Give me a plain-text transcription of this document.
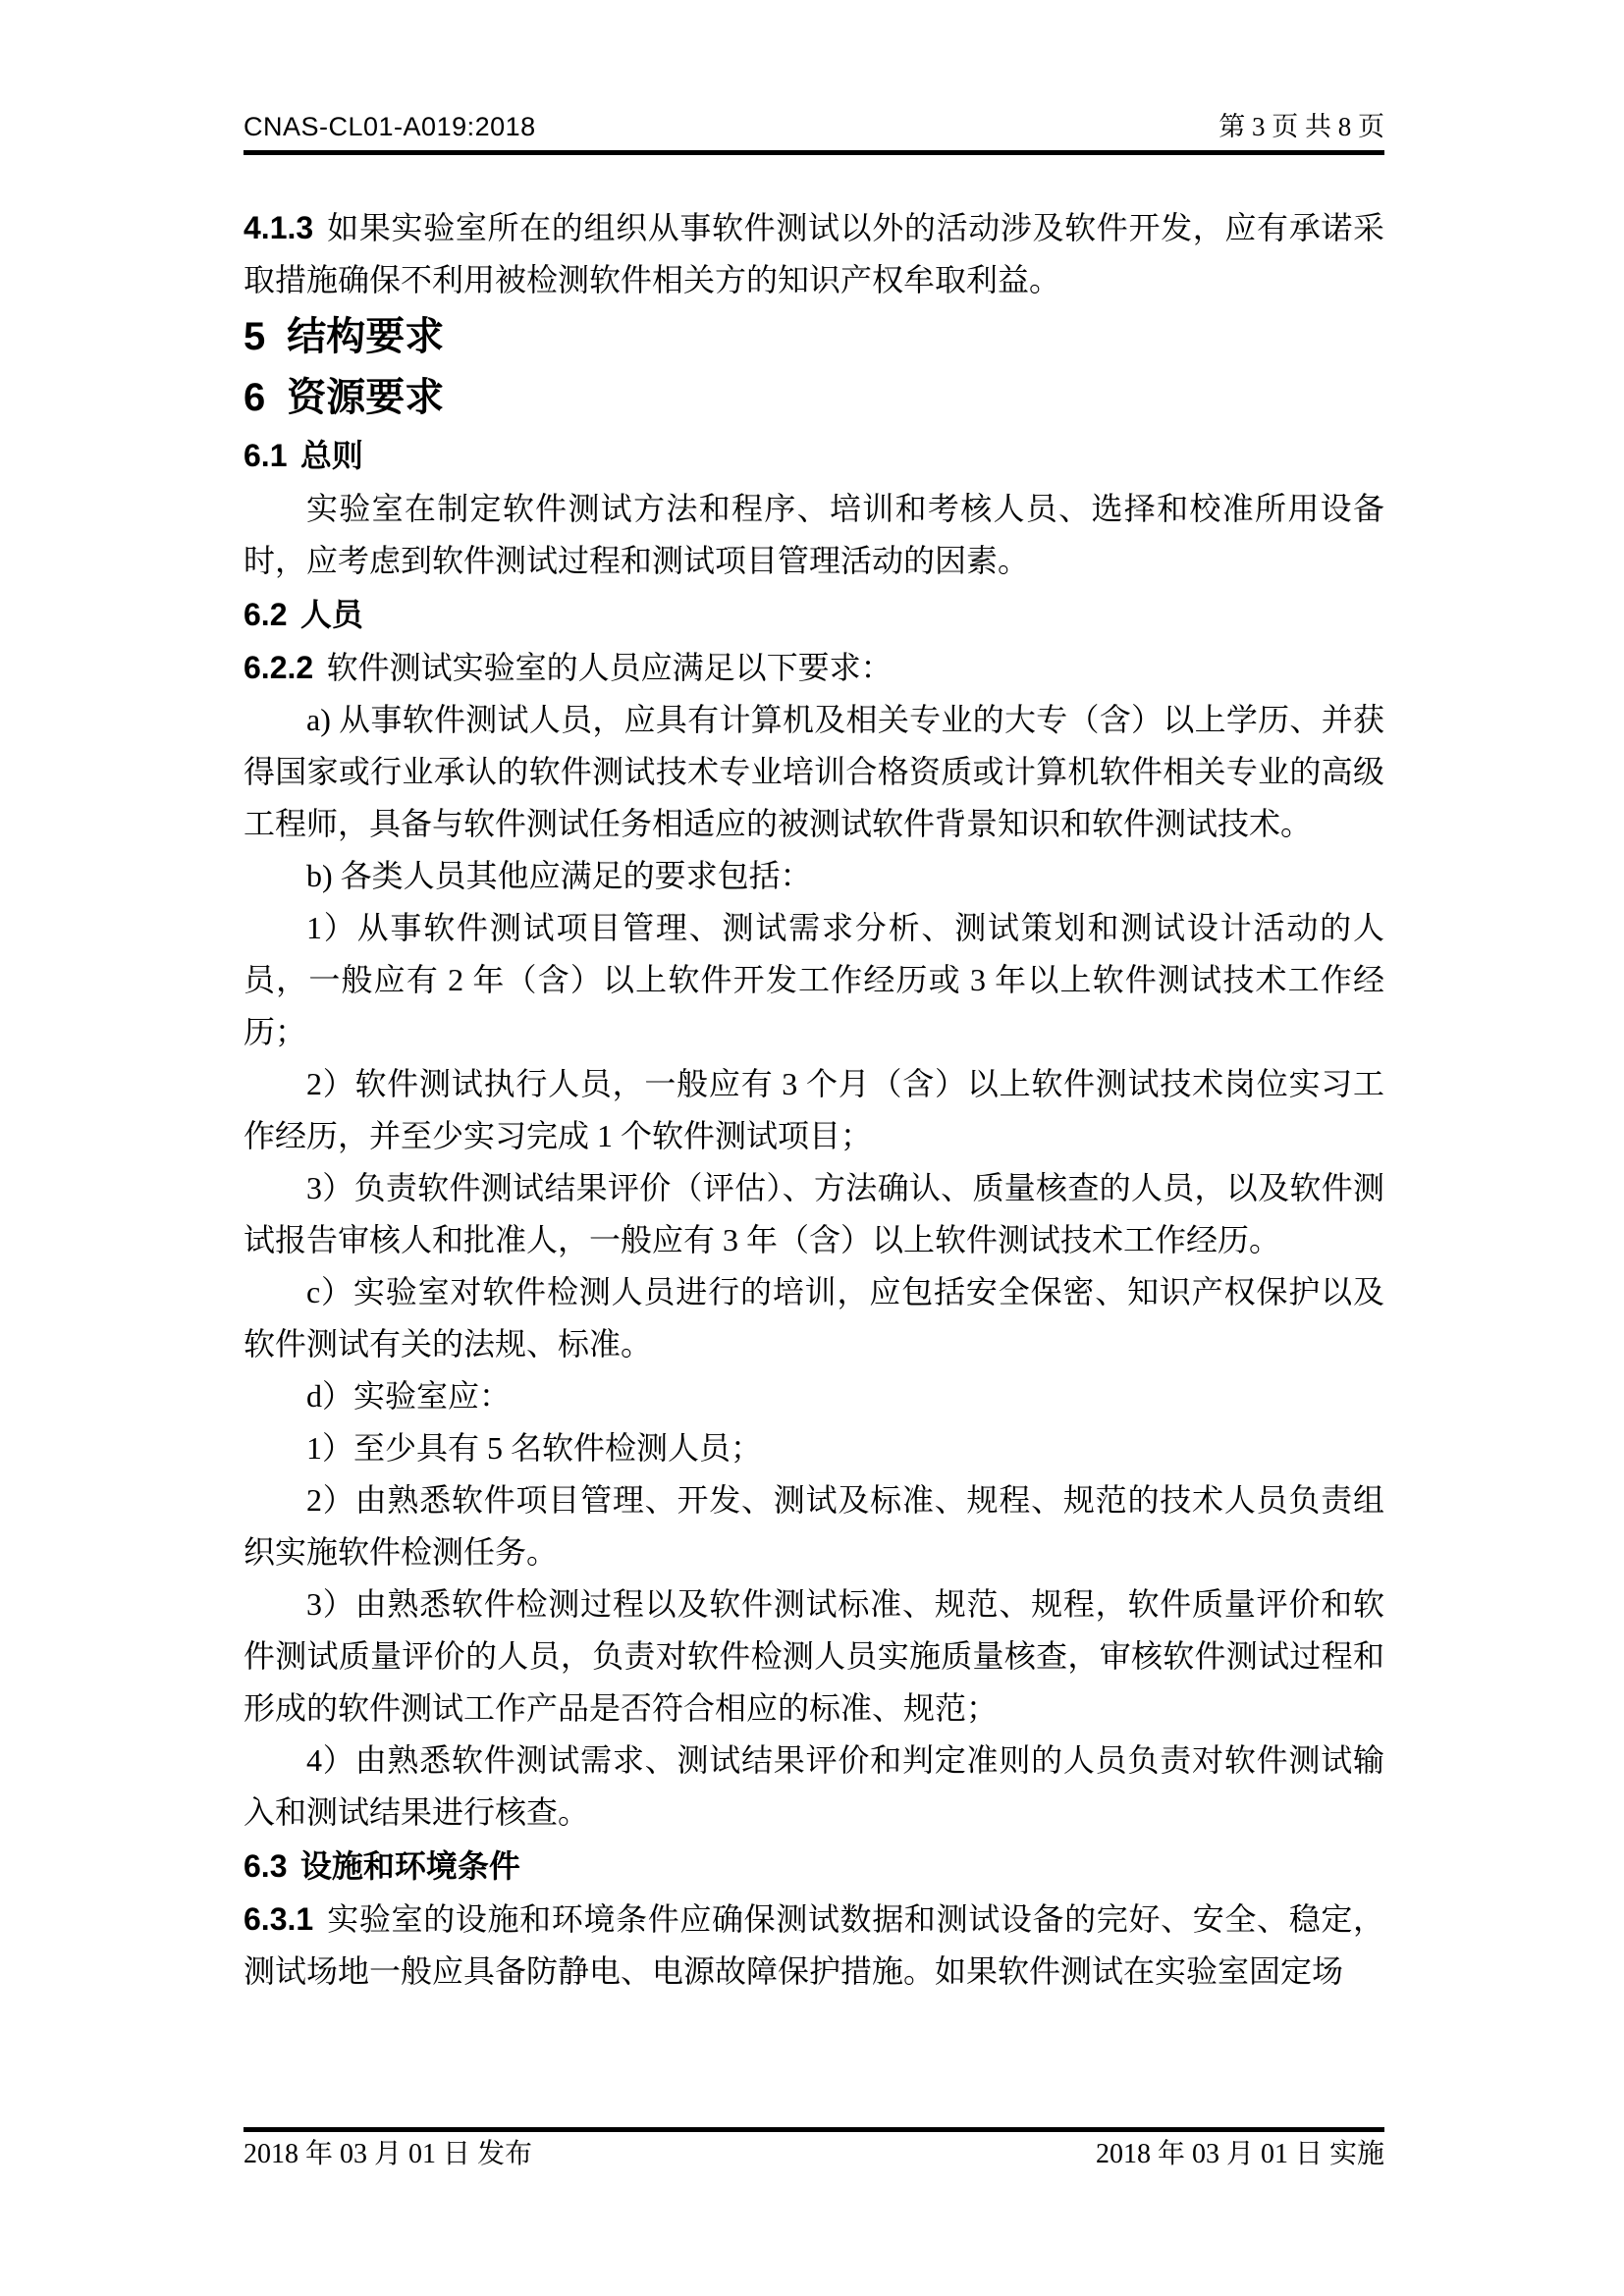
CNAS-CL01-A019:2018	第 3 页 共 8 页

4.1.3 如果实验室所在的组织从事软件测试以外的活动涉及软件开发，应有承诺采取措施确保不利用被检测软件相关方的知识产权牟取利益。

5 结构要求
6 资源要求
6.1 总则

实验室在制定软件测试方法和程序、培训和考核人员、选择和校准所用设备时，应考虑到软件测试过程和测试项目管理活动的因素。

6.2 人员

6.2.2 软件测试实验室的人员应满足以下要求：

a) 从事软件测试人员，应具有计算机及相关专业的大专（含）以上学历、并获得国家或行业承认的软件测试技术专业培训合格资质或计算机软件相关专业的高级工程师，具备与软件测试任务相适应的被测试软件背景知识和软件测试技术。

b) 各类人员其他应满足的要求包括：

1）从事软件测试项目管理、测试需求分析、测试策划和测试设计活动的人员，一般应有 2 年（含）以上软件开发工作经历或 3 年以上软件测试技术工作经历；

2）软件测试执行人员，一般应有 3 个月（含）以上软件测试技术岗位实习工作经历，并至少实习完成 1 个软件测试项目；

3）负责软件测试结果评价（评估）、方法确认、质量核查的人员，以及软件测试报告审核人和批准人，一般应有 3 年（含）以上软件测试技术工作经历。

c）实验室对软件检测人员进行的培训，应包括安全保密、知识产权保护以及软件测试有关的法规、标准。

d）实验室应：

1）至少具有 5 名软件检测人员；

2）由熟悉软件项目管理、开发、测试及标准、规程、规范的技术人员负责组织实施软件检测任务。

3）由熟悉软件检测过程以及软件测试标准、规范、规程，软件质量评价和软件测试质量评价的人员，负责对软件检测人员实施质量核查，审核软件测试过程和形成的软件测试工作产品是否符合相应的标准、规范；

4）由熟悉软件测试需求、测试结果评价和判定准则的人员负责对软件测试输入和测试结果进行核查。

6.3 设施和环境条件

6.3.1 实验室的设施和环境条件应确保测试数据和测试设备的完好、安全、稳定，测试场地一般应具备防静电、电源故障保护措施。如果软件测试在实验室固定场

2018 年 03 月 01 日 发布	2018 年 03 月 01 日 实施
